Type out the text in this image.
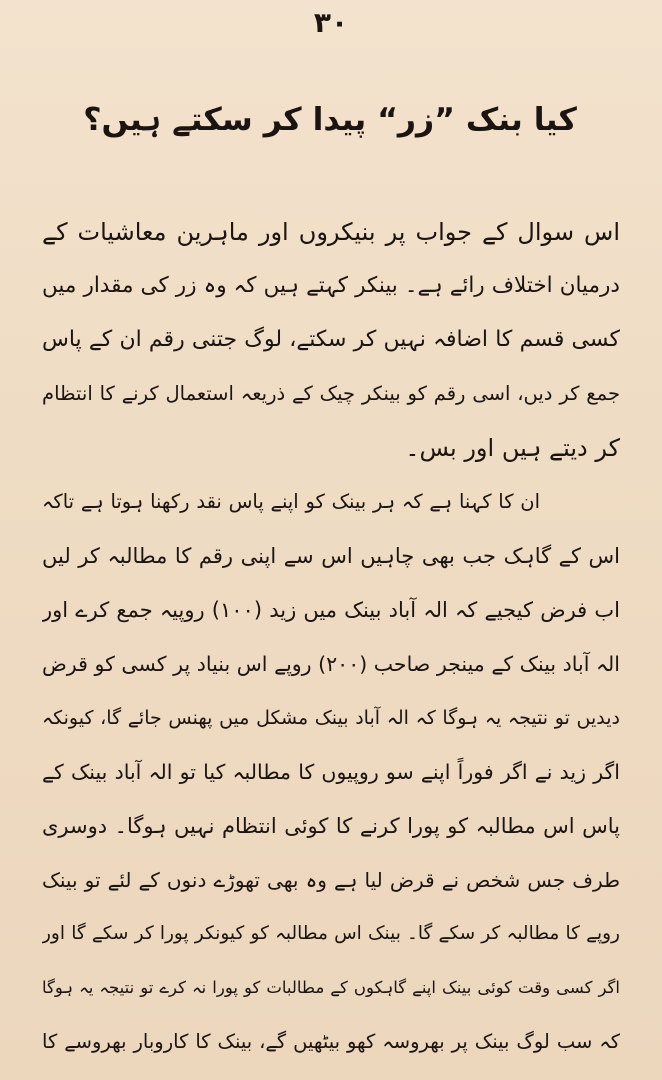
۳۰
کیا بنک ”زر“ پیدا کر سکتے ہیں؟
اس سوال کے جواب پر بنیکروں اور ماہرین معاشیات کے
درمیان اختلاف رائے ہے۔ بینکر کہتے ہیں کہ وہ زر کی مقدار میں
کسی قسم کا اضافہ نہیں کر سکتے، لوگ جتنی رقم ان کے پاس
جمع کر دیں، اسی رقم کو بینکر چیک کے ذریعہ استعمال کرنے کا انتظام
کر دیتے ہیں اور بس۔
ان کا کہنا ہے کہ ہر بینک کو اپنے پاس نقد رکھنا ہوتا ہے تاکہ
اس کے گاہک جب بھی چاہیں اس سے اپنی رقم کا مطالبہ کر لیں
اب فرض کیجیے کہ الہ آباد بینک میں زید (۱۰۰) روپیہ جمع کرے اور
الہ آباد بینک کے مینجر صاحب (۲۰۰) روپے اس بنیاد پر کسی کو قرض
دیدیں تو نتیجہ یہ ہوگا کہ الہ آباد بینک مشکل میں پھنس جائے گا، کیونکہ
اگر زید نے اگر فوراً اپنے سو روپیوں کا مطالبہ کیا تو الہ آباد بینک کے
پاس اس مطالبہ کو پورا کرنے کا کوئی انتظام نہیں ہوگا۔ دوسری
طرف جس شخص نے قرض لیا ہے وہ بھی تھوڑے دنوں کے لئے تو بینک
روپے کا مطالبہ کر سکے گا۔ بینک اس مطالبہ کو کیونکر پورا کر سکے گا اور
اگر کسی وقت کوئی بینک اپنے گاہکوں کے مطالبات کو پورا نہ کرے تو نتیجہ یہ ہوگا
کہ سب لوگ بینک پر بھروسہ کھو بیٹھیں گے، بینک کا کاروبار بھروسے کا
